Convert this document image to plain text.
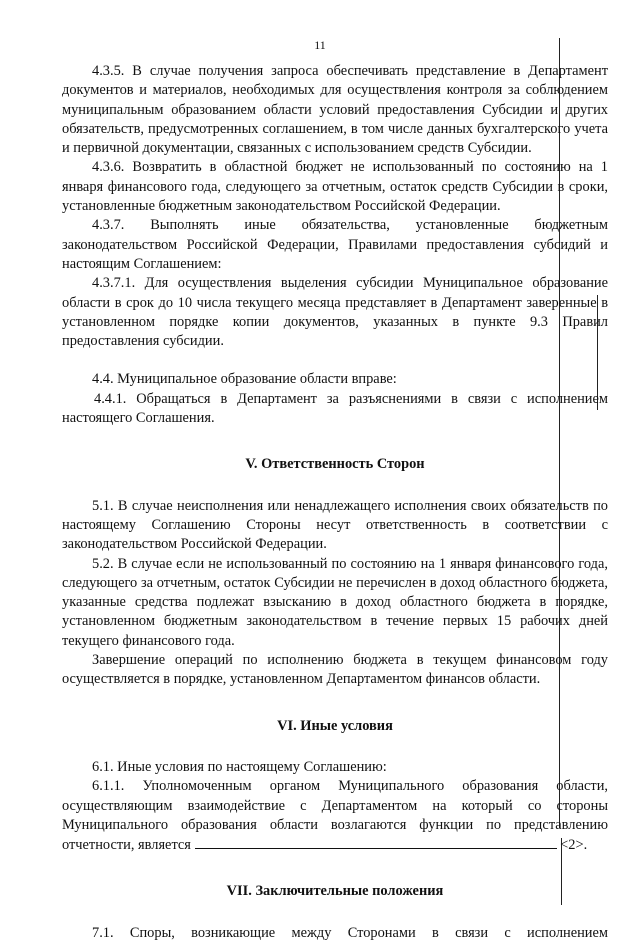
11

4.3.5. В случае получения запроса обеспечивать представление в Департамент документов и материалов, необходимых для осуществления контроля за соблюдением муниципальным образованием области условий предоставления Субсидии и других обязательств, предусмотренных соглашением, в том числе данных бухгалтерского учета и первичной документации, связанных с использованием средств Субсидии.

4.3.6. Возвратить в областной бюджет не использованный по состоянию на 1 января финансового года, следующего за отчетным, остаток средств Субсидии в сроки, установленные бюджетным законодательством Российской Федерации.

4.3.7. Выполнять иные обязательства, установленные бюджетным законодательством Российской Федерации, Правилами предоставления субсидий и настоящим Соглашением:

4.3.7.1. Для осуществления выделения субсидии Муниципальное образование области в срок до 10 числа текущего месяца представляет в Департамент заверенные в установленном порядке копии документов, указанных в пункте 9.3 Правил предоставления субсидии.

4.4. Муниципальное образование области вправе:

4.4.1. Обращаться в Департамент за разъяснениями в связи с исполнением настоящего Соглашения.

V. Ответственность Сторон

5.1. В случае неисполнения или ненадлежащего исполнения своих обязательств по настоящему Соглашению Стороны несут ответственность в соответствии с законодательством Российской Федерации.

5.2. В случае если не использованный по состоянию на 1 января финансового года, следующего за отчетным, остаток Субсидии не перечислен в доход областного бюджета, указанные средства подлежат взысканию в доход областного бюджета в порядке, установленном бюджетным законодательством в течение первых 15 рабочих дней текущего финансового года.

Завершение операций по исполнению бюджета в текущем финансовом году осуществляется в порядке, установленном Департаментом финансов области.

VI. Иные условия

6.1. Иные условия по настоящему Соглашению:

6.1.1. Уполномоченным органом Муниципального образования области, осуществляющим взаимодействие с Департаментом на который со стороны Муниципального образования области возлагаются функции по представлению отчетности, является	<2>.

VII. Заключительные положения

7.1. Споры, возникающие между Сторонами в связи с исполнением
